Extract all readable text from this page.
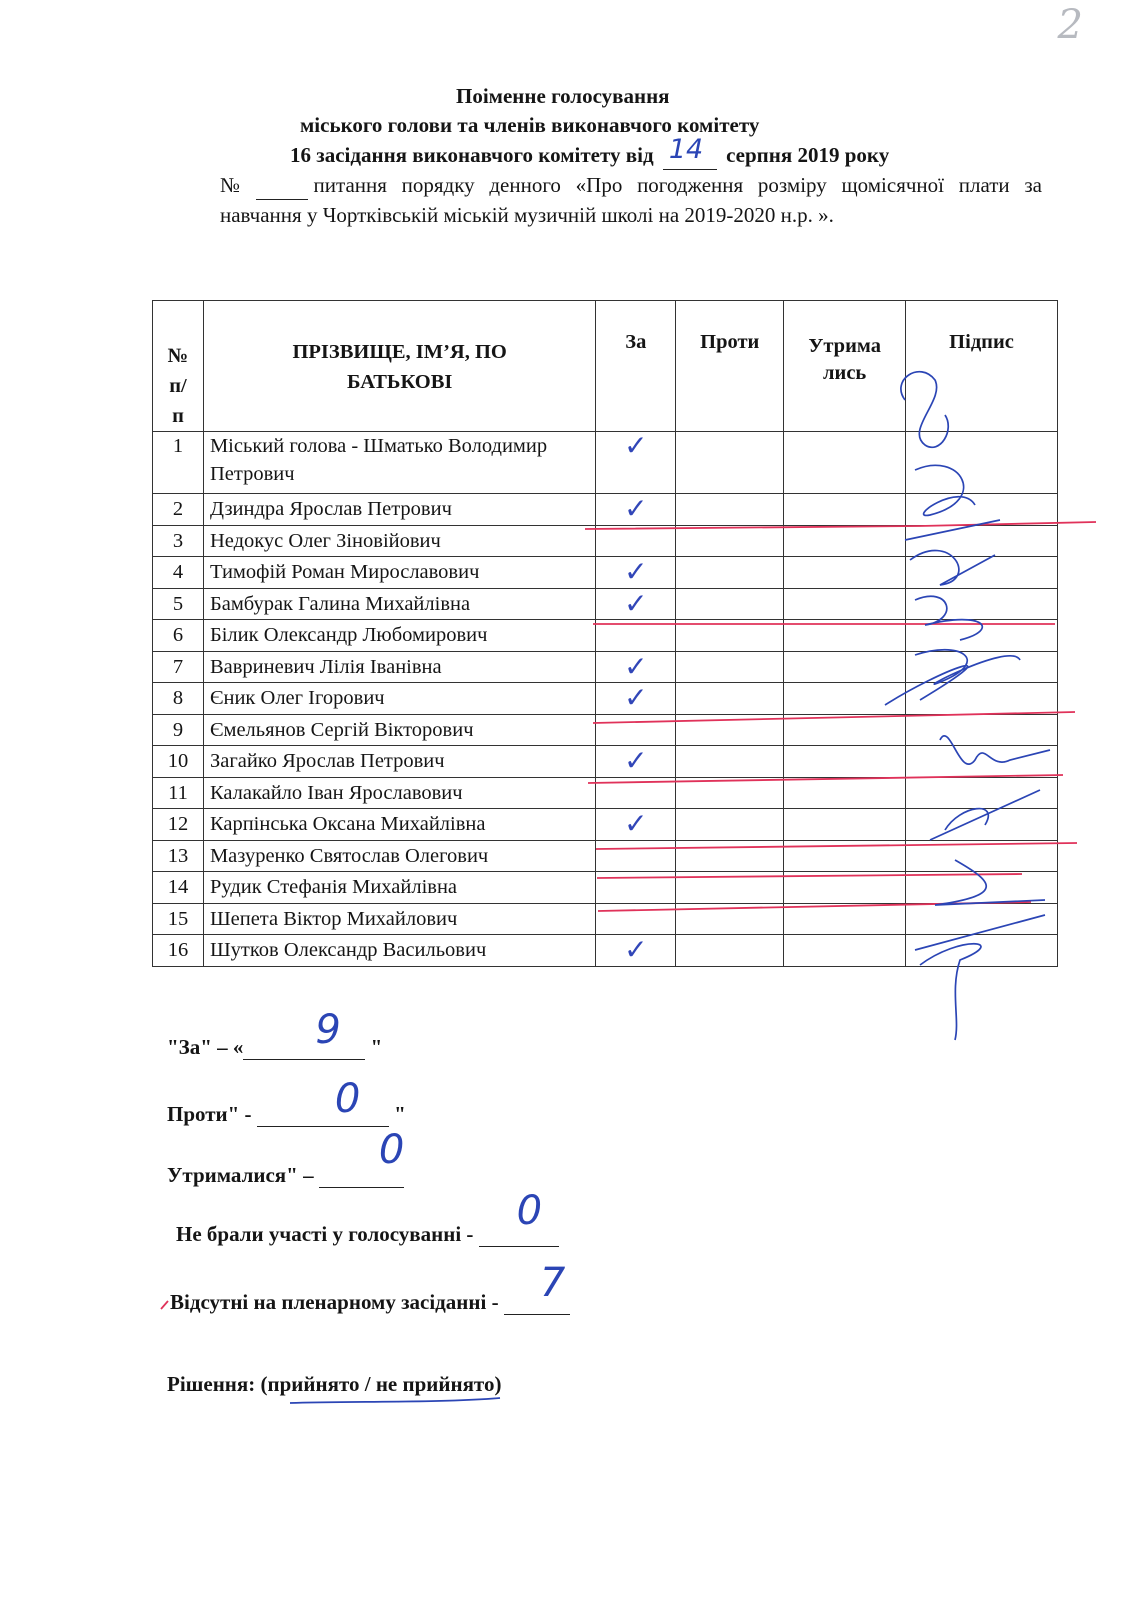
2
Поіменне голосування
міського голови та членів виконавчого комітету
16 засідання виконавчого комітету від 14 серпня 2019 року
№	питання порядку денного «Про погодження розміру щомісячної плати за навчання у Чортківській міській музичній школі на 2019-2020 н.р. ».
№
п/
п	ПРІЗВИЩЕ, ІМ’Я, ПО
БАТЬКОВІ	За	Проти	Утрима
лись	Підпис
1	Міський голова - Шматько Володимир Петрович	✓			
2	Дзиндра Ярослав Петрович	✓			
3	Недокус Олег Зіновійович				
4	Тимофій Роман Мирославович	✓			
5	Бамбурак Галина Михайлівна	✓			
6	Білик Олександр Любомирович				
7	Вавриневич Лілія Іванівна	✓			
8	Єник Олег Ігорович	✓			
9	Ємельянов Сергій Вікторович				
10	Загайко Ярослав Петрович	✓			
11	Калакайло Іван Ярославович				
12	Карпінська Оксана Михайлівна	✓			
13	Мазуренко Святослав Олегович				
14	Рудик Стефанія Михайлівна				
15	Шепета Віктор Михайлович				
16	Шутков Олександр Васильович	✓			
"За" – « 9 "
Проти" - 0 "
Утрималися" –
0
Не брали участі у голосуванні - 0
Відсутні на пленарному засіданні - 7
Рішення: (прийнято / не прийнято)
